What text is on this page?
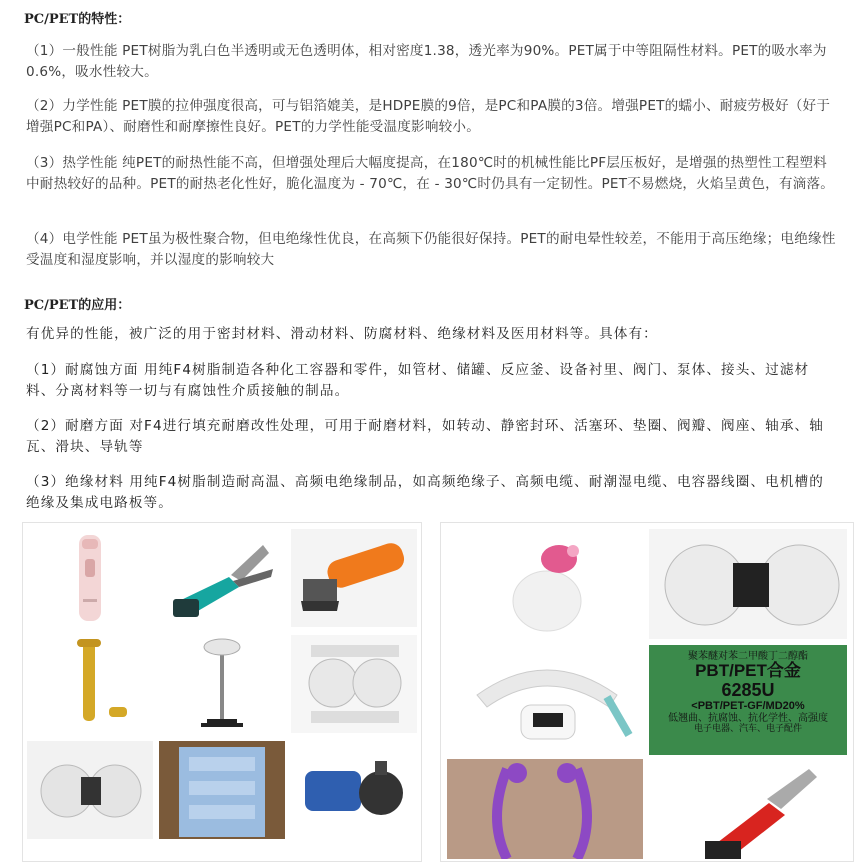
PC/PET的特性：

（1）一般性能 PET树脂为乳白色半透明或无色透明体，相对密度1.38，透光率为90%。PET属于中等阻隔性材料。PET的吸水率为0.6%，吸水性较大。

（2）力学性能 PET膜的拉伸强度很高，可与铝箔媲美，是HDPE膜的9倍，是PC和PA膜的3倍。增强PET的蠕小、耐疲劳极好（好于增强PC和PA）、耐磨性和耐摩擦性良好。PET的力学性能受温度影响较小。

（3）热学性能 纯PET的耐热性能不高，但增强处理后大幅度提高，在180℃时的机械性能比PF层压板好，是增强的热塑性工程塑料中耐热较好的品种。PET的耐热老化性好，脆化温度为 - 70℃，在 - 30℃时仍具有一定韧性。PET不易燃烧，火焰呈黄色，有滴落。

（4）电学性能 PET虽为极性聚合物，但电绝缘性优良，在高频下仍能很好保持。PET的耐电晕性较差，不能用于高压绝缘；电绝缘性受温度和湿度影响，并以湿度的影响较大

PC/PET的应用：

有优异的性能，被广泛的用于密封材料、滑动材料、防腐材料、绝缘材料及医用材料等。具体有：

（1）耐腐蚀方面 用纯F4树脂制造各种化工容器和零件，如管材、储罐、反应釜、设备衬里、阀门、泵体、接头、过滤材料、分离材料等一切与有腐蚀性介质接触的制品。

（2）耐磨方面 对F4进行填充耐磨改性处理，可用于耐磨材料，如转动、静密封环、活塞环、垫圈、阀瓣、阀座、轴承、轴瓦、滑块、导轨等

（3）绝缘材料 用纯F4树脂制造耐高温、高频电绝缘制品，如高频绝缘子、高频电缆、耐潮湿电缆、电容器线圈、电机槽的绝缘及集成电路板等。

聚苯醚对苯二甲酸丁二醇酯
PBT/PET合金
6285U
<PBT/PET-GF/MD20%
低翘曲、抗腐蚀、抗化学性、高强度
电子电器、汽车、电子配件
